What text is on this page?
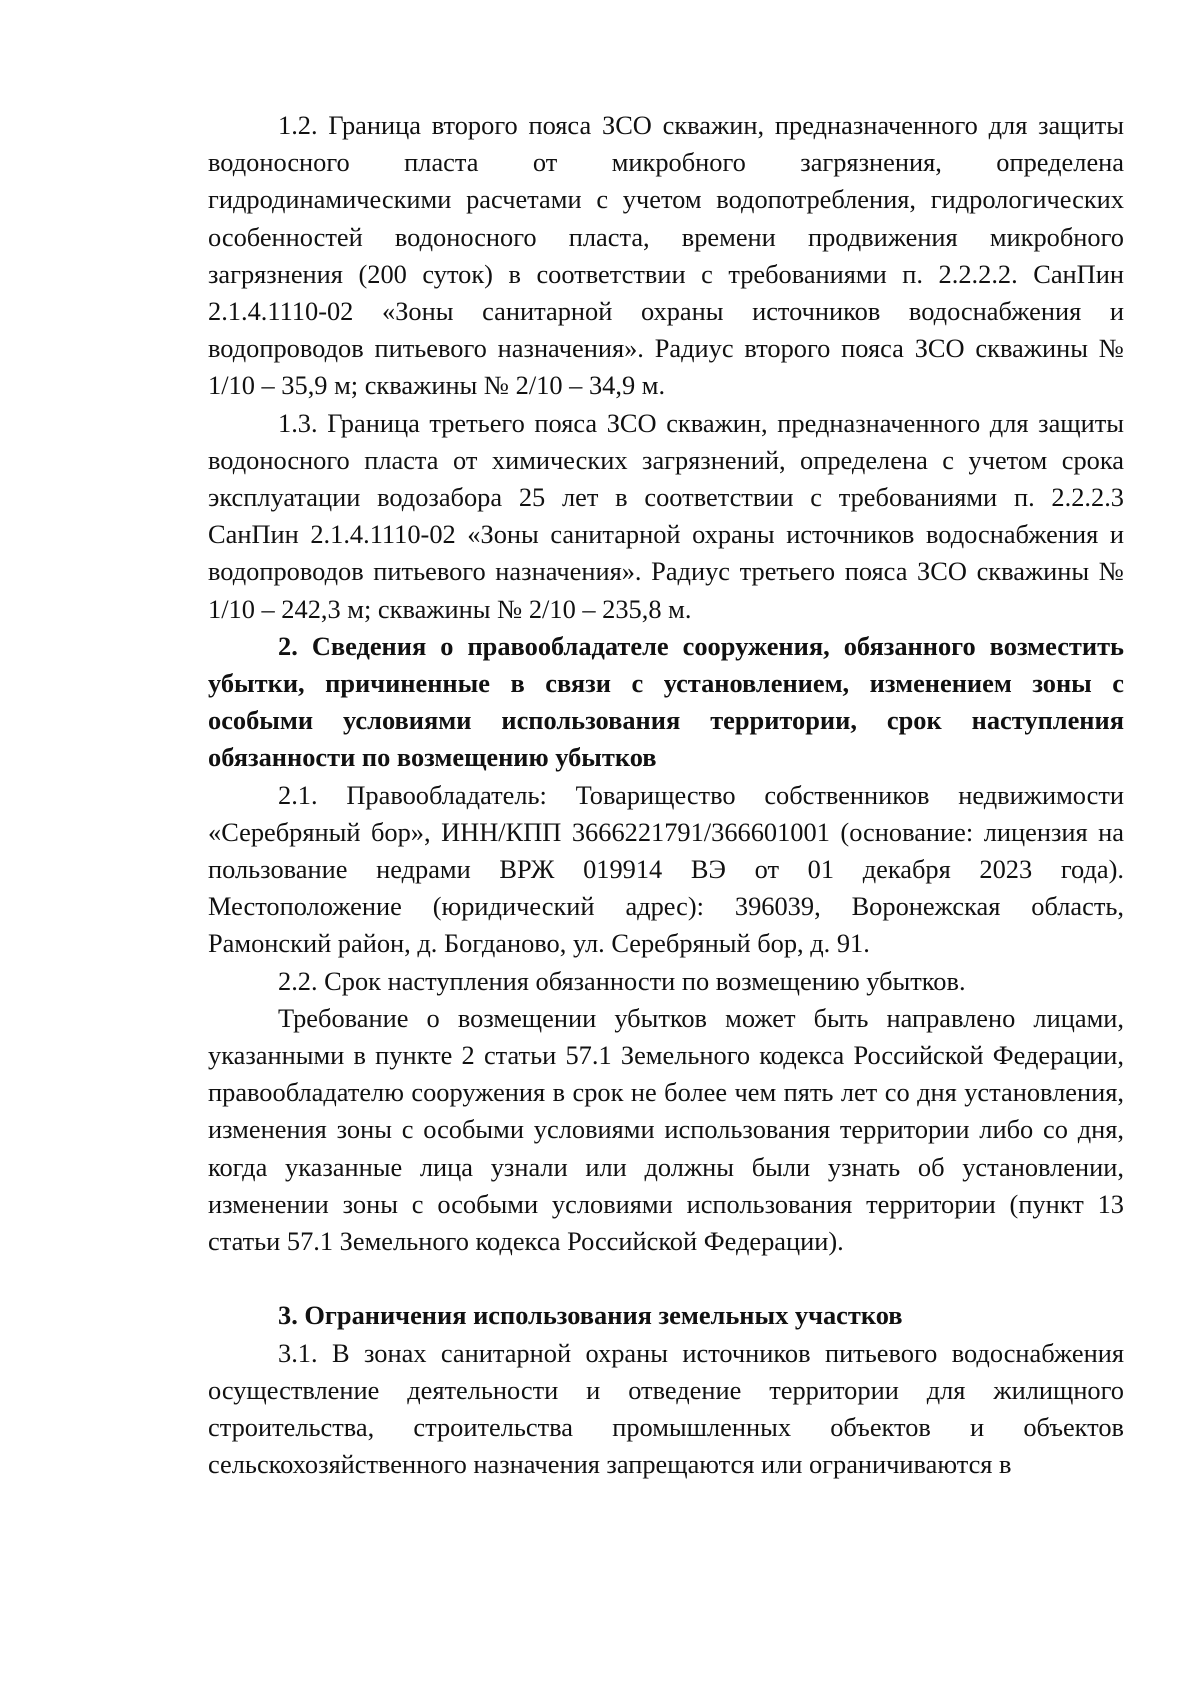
1.2. Граница второго пояса ЗСО скважин, предназначенного для защиты водоносного пласта от микробного загрязнения, определена гидродинамическими расчетами с учетом водопотребления, гидрологических особенностей водоносного пласта, времени продвижения микробного загрязнения (200 суток) в соответствии с требованиями п. 2.2.2.2. СанПин 2.1.4.1110-02 «Зоны санитарной охраны источников водоснабжения и водопроводов питьевого назначения». Радиус второго пояса ЗСО скважины № 1/10 – 35,9 м; скважины № 2/10 – 34,9 м.

1.3. Граница третьего пояса ЗСО скважин, предназначенного для защиты водоносного пласта от химических загрязнений, определена с учетом срока эксплуатации водозабора 25 лет в соответствии с требованиями п. 2.2.2.3 СанПин 2.1.4.1110-02 «Зоны санитарной охраны источников водоснабжения и водопроводов питьевого назначения». Радиус третьего пояса ЗСО скважины № 1/10 – 242,3 м; скважины № 2/10 – 235,8 м.

2. Сведения о правообладателе сооружения, обязанного возместить убытки, причиненные в связи с установлением, изменением зоны с особыми условиями использования территории, срок наступления обязанности по возмещению убытков

2.1. Правообладатель: Товарищество собственников недвижимости «Серебряный бор», ИНН/КПП 3666221791/366601001 (основание: лицензия на пользование недрами ВРЖ 019914 ВЭ от 01 декабря 2023 года). Местоположение (юридический адрес): 396039, Воронежская область, Рамонский район, д. Богданово, ул. Серебряный бор, д. 91.

2.2. Срок наступления обязанности по возмещению убытков.

Требование о возмещении убытков может быть направлено лицами, указанными в пункте 2 статьи 57.1 Земельного кодекса Российской Федерации, правообладателю сооружения в срок не более чем пять лет со дня установления, изменения зоны с особыми условиями использования территории либо со дня, когда указанные лица узнали или должны были узнать об установлении, изменении зоны с особыми условиями использования территории (пункт 13 статьи 57.1 Земельного кодекса Российской Федерации).

3. Ограничения использования земельных участков

3.1. В зонах санитарной охраны источников питьевого водоснабжения осуществление деятельности и отведение территории для жилищного строительства, строительства промышленных объектов и объектов сельскохозяйственного назначения запрещаются или ограничиваются в
